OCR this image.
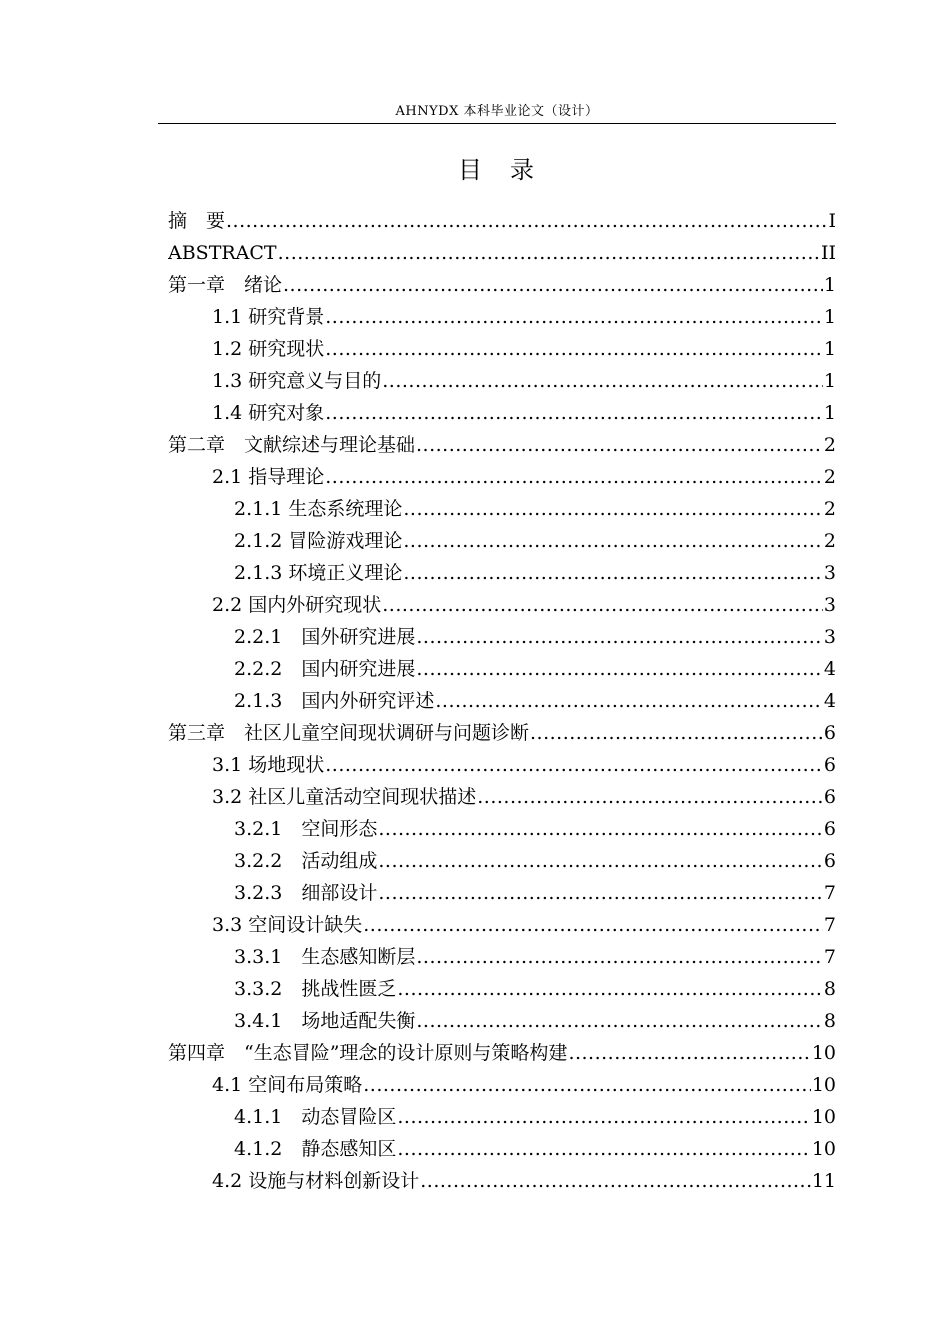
AHNYDX 本科毕业论文（设计）
目　录
摘　要 .....	Ⅰ
ABSTRACT .....	II
第一章　绪论 .....	1
1.1 研究背景 .....	1
1.2 研究现状 .....	1
1.3 研究意义与目的 .....	1
1.4 研究对象 .....	1
第二章　文献综述与理论基础 .....	2
2.1 指导理论 .....	2
2.1.1 生态系统理论 .....	2
2.1.2 冒险游戏理论 .....	2
2.1.3 环境正义理论 .....	3
2.2 国内外研究现状 .....	3
2.2.1　国外研究进展 .....	3
2.2.2　国内研究进展 .....	4
2.1.3　国内外研究评述 .....	4
第三章　社区儿童空间现状调研与问题诊断 .....	6
3.1 场地现状 .....	6
3.2 社区儿童活动空间现状描述 .....	6
3.2.1　空间形态 .....	6
3.2.2　活动组成 .....	6
3.2.3　细部设计 .....	7
3.3 空间设计缺失 .....	7
3.3.1　生态感知断层 .....	7
3.3.2　挑战性匮乏 .....	8
3.4.1　场地适配失衡 .....	8
第四章　“生态冒险”理念的设计原则与策略构建 .....	10
4.1 空间布局策略 .....	10
4.1.1　动态冒险区 .....	10
4.1.2　静态感知区 .....	10
4.2 设施与材料创新设计 .....	11
